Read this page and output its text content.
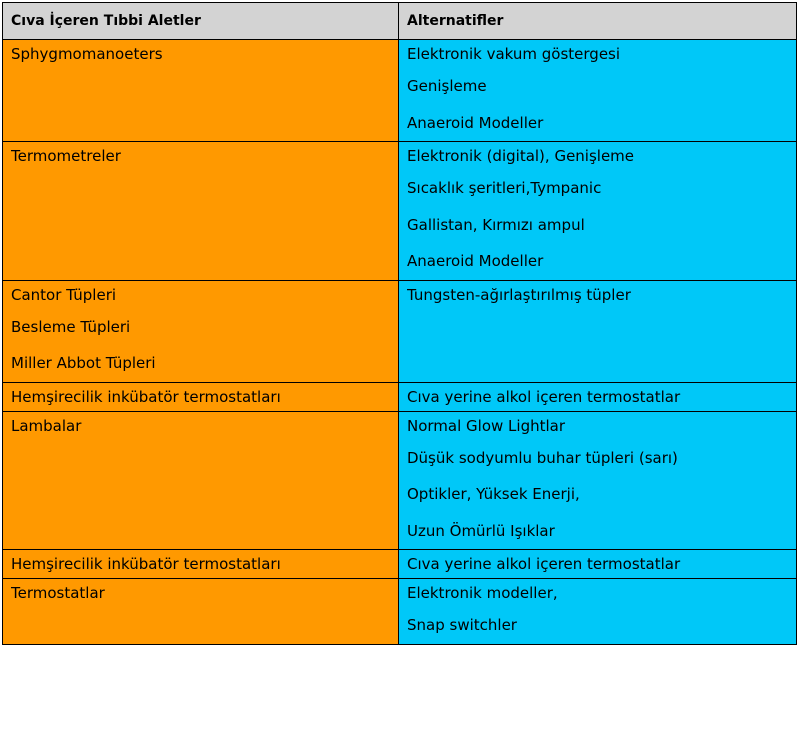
Cıva İçeren Tıbbi Aletler	Alternatifler

Sphygmomanoeters	Elektronik vakum göstergesi
Genişleme
Anaeroid Modeller

Termometreler	Elektronik (digital), Genişleme
Sıcaklık şeritleri,Tympanic
Gallistan, Kırmızı ampul
Anaeroid Modeller

Cantor Tüpleri
Besleme Tüpleri
Miller Abbot Tüpleri	Tungsten-ağırlaştırılmış tüpler

Hemşirecilik inkübatör termostatları	Cıva yerine alkol içeren termostatlar

Lambalar	Normal Glow Lightlar
Düşük sodyumlu buhar tüpleri (sarı)
Optikler, Yüksek Enerji,
Uzun Ömürlü Işıklar

Hemşirecilik inkübatör termostatları	Cıva yerine alkol içeren termostatlar

Termostatlar	Elektronik modeller,
Snap switchler
